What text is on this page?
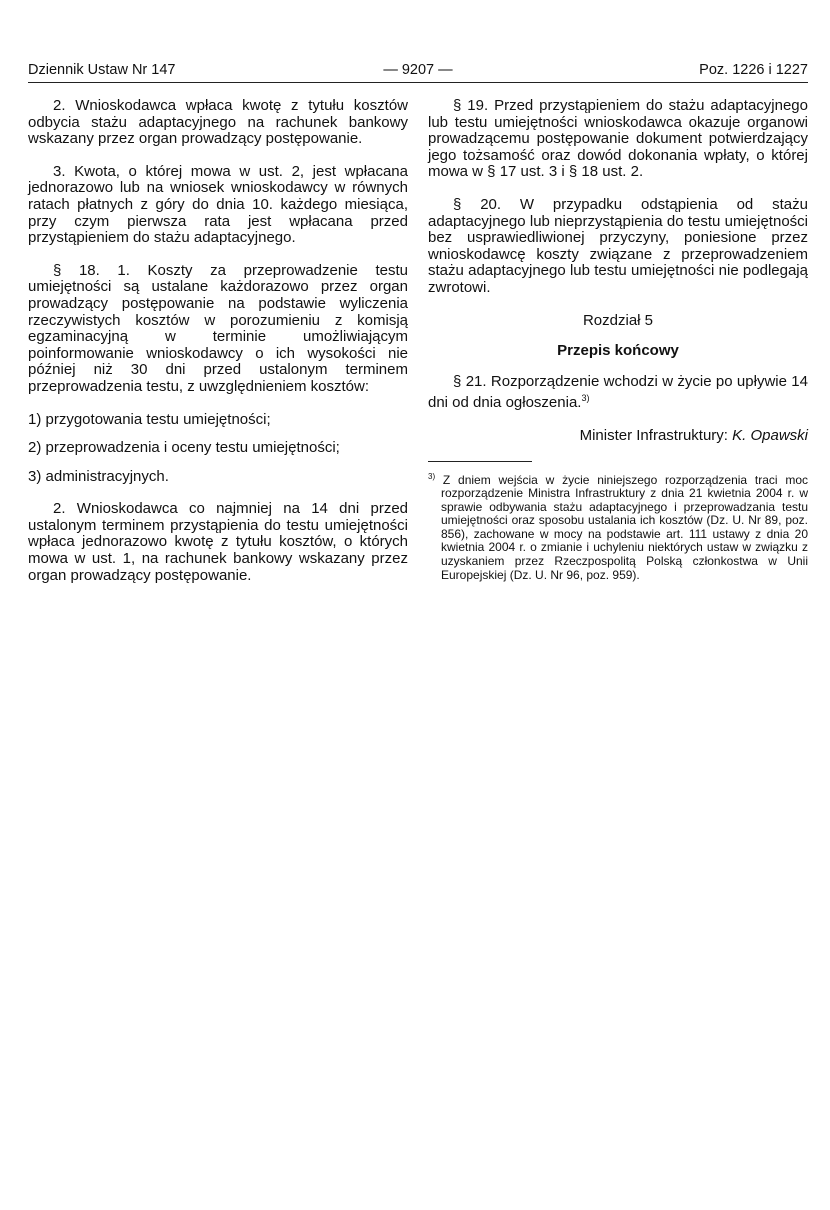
Dziennik Ustaw Nr 147	— 9207 —	Poz. 1226 i 1227

2. Wnioskodawca wpłaca kwotę z tytułu kosztów odbycia stażu adaptacyjnego na rachunek bankowy wskazany przez organ prowadzący postępowanie.

3. Kwota, o której mowa w ust. 2, jest wpłacana jednorazowo lub na wniosek wnioskodawcy w równych ratach płatnych z góry do dnia 10. każdego miesiąca, przy czym pierwsza rata jest wpłacana przed przystąpieniem do stażu adaptacyjnego.

§ 18. 1. Koszty za przeprowadzenie testu umiejętności są ustalane każdorazowo przez organ prowadzący postępowanie na podstawie wyliczenia rzeczywistych kosztów w porozumieniu z komisją egzaminacyjną w terminie umożliwiającym poinformowanie wnioskodawcy o ich wysokości nie później niż 30 dni przed ustalonym terminem przeprowadzenia testu, z uwzględnieniem kosztów:

1) przygotowania testu umiejętności;

2) przeprowadzenia i oceny testu umiejętności;

3) administracyjnych.

2. Wnioskodawca co najmniej na 14 dni przed ustalonym terminem przystąpienia do testu umiejętności wpłaca jednorazowo kwotę z tytułu kosztów, o których mowa w ust. 1, na rachunek bankowy wskazany przez organ prowadzący postępowanie.

§ 19. Przed przystąpieniem do stażu adaptacyjnego lub testu umiejętności wnioskodawca okazuje organowi prowadzącemu postępowanie dokument potwierdzający jego tożsamość oraz dowód dokonania wpłaty, o której mowa w § 17 ust. 3 i § 18 ust. 2.

§ 20. W przypadku odstąpienia od stażu adaptacyjnego lub nieprzystąpienia do testu umiejętności bez usprawiedliwionej przyczyny, poniesione przez wnioskodawcę koszty związane z przeprowadzeniem stażu adaptacyjnego lub testu umiejętności nie podlegają zwrotowi.

Rozdział 5

Przepis końcowy

§ 21. Rozporządzenie wchodzi w życie po upływie 14 dni od dnia ogłoszenia.$^{3)}$

Minister Infrastruktury: K. Opawski

$^{3)}$ Z dniem wejścia w życie niniejszego rozporządzenia traci moc rozporządzenie Ministra Infrastruktury z dnia 21 kwietnia 2004 r. w sprawie odbywania stażu adaptacyjnego i przeprowadzania testu umiejętności oraz sposobu ustalania ich kosztów (Dz. U. Nr 89, poz. 856), zachowane w mocy na podstawie art. 111 ustawy z dnia 20 kwietnia 2004 r. o zmianie i uchyleniu niektórych ustaw w związku z uzyskaniem przez Rzeczpospolitą Polską członkostwa w Unii Europejskiej (Dz. U. Nr 96, poz. 959).
